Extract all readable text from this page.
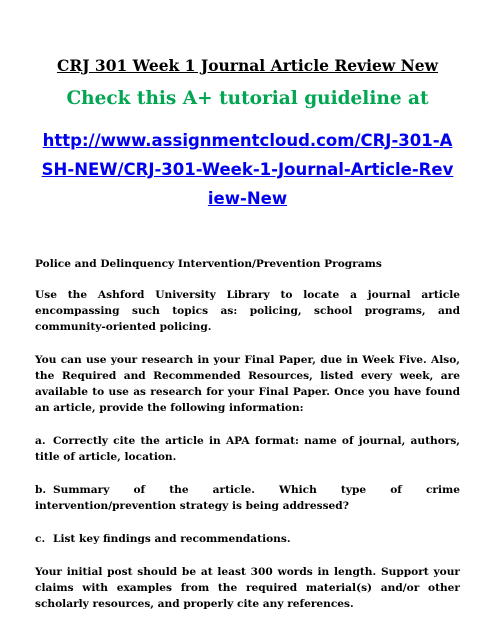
CRJ 301 Week 1 Journal Article Review New
Check this A+ tutorial guideline at
http://www.assignmentcloud.com/CRJ-301-ASH-NEW/CRJ-301-Week-1-Journal-Article-Review-New

Police and Delinquency Intervention/Prevention Programs

Use the Ashford University Library to locate a journal article encompassing such topics as: policing, school programs, and community-oriented policing.

You can use your research in your Final Paper, due in Week Five. Also, the Required and Recommended Resources, listed every week, are available to use as research for your Final Paper. Once you have found an article, provide the following information:

a. Correctly cite the article in APA format: name of journal, authors, title of article, location.

b. Summary of the article. Which type of crime intervention/prevention strategy is being addressed?

c. List key findings and recommendations.

Your initial post should be at least 300 words in length. Support your claims with examples from the required material(s) and/or other scholarly resources, and properly cite any references.
